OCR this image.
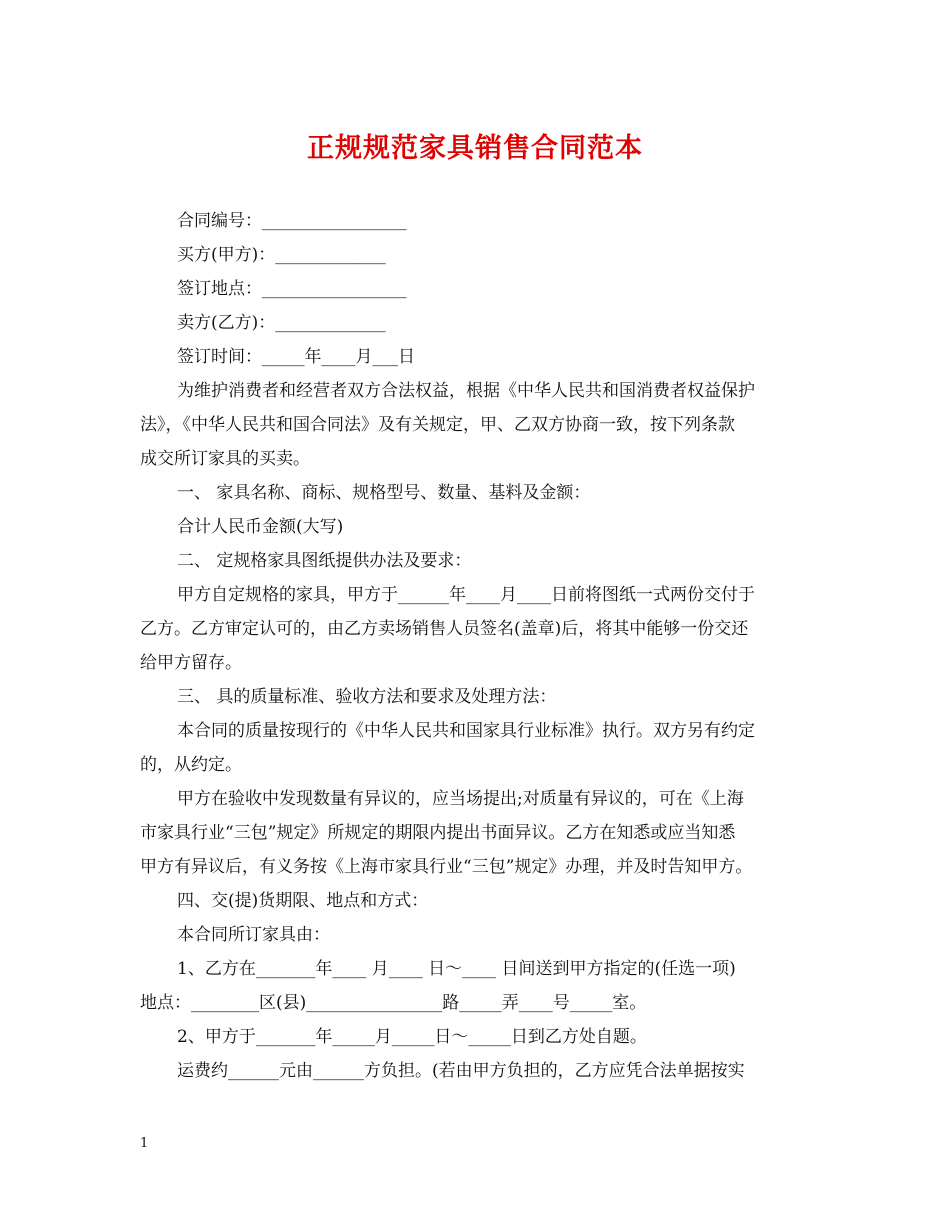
正规规范家具销售合同范本
合同编号：_________________
买方(甲方)：_____________
签订地点：_________________
卖方(乙方)：_____________
签订时间：_____年____月___日
为维护消费者和经营者双方合法权益，根据《中华人民共和国消费者权益保护
法》，《中华人民共和国合同法》及有关规定，甲、乙双方协商一致，按下列条款
成交所订家具的买卖。
一、 家具名称、商标、规格型号、数量、基料及金额：
合计人民币金额(大写)
二、 定规格家具图纸提供办法及要求：
甲方自定规格的家具，甲方于______年____月____日前将图纸一式两份交付于
乙方。乙方审定认可的，由乙方卖场销售人员签名(盖章)后，将其中能够一份交还
给甲方留存。
三、 具的质量标准、验收方法和要求及处理方法：
本合同的质量按现行的《中华人民共和国家具行业标准》执行。双方另有约定
的，从约定。
甲方在验收中发现数量有异议的，应当场提出;对质量有异议的，可在《上海
市家具行业“三包”规定》所规定的期限内提出书面异议。乙方在知悉或应当知悉
甲方有异议后，有义务按《上海市家具行业“三包”规定》办理，并及时告知甲方。
四、交(提)货期限、地点和方式：
本合同所订家具由：
1、乙方在_______年____ 月____ 日～____ 日间送到甲方指定的(任选一项)
地点：________区(县)________________路_____弄____号_____室。
2、甲方于_______年_____月_____日～_____日到乙方处自题。
运费约______元由______方负担。(若由甲方负担的，乙方应凭合法单据按实
1
